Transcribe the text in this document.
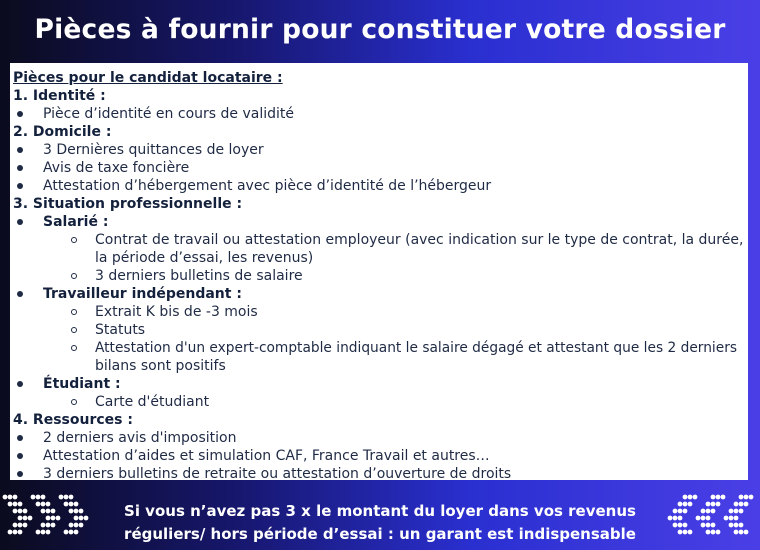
Pièces à fournir pour constituer votre dossier
Pièces pour le candidat locataire :
1. Identité :
Pièce d’identité en cours de validité
2. Domicile :
3 Dernières quittances de loyer
Avis de taxe foncière
Attestation d’hébergement avec pièce d’identité de l’hébergeur
3. Situation professionnelle :
Salarié :
Contrat de travail ou attestation employeur (avec indication sur le type de contrat, la durée,
la période d’essai, les revenus)
3 derniers bulletins de salaire
Travailleur indépendant :
Extrait K bis de -3 mois
Statuts
Attestation d'un expert-comptable indiquant le salaire dégagé et attestant que les 2 derniers
bilans sont positifs
Étudiant :
Carte d'étudiant
4. Ressources :
2 derniers avis d'imposition
Attestation d’aides et simulation CAF, France Travail et autres…
3 derniers bulletins de retraite ou attestation d’ouverture de droits
Si vous n’avez pas 3 x le montant du loyer dans vos revenus
réguliers/ hors période d’essai : un garant est indispensable
